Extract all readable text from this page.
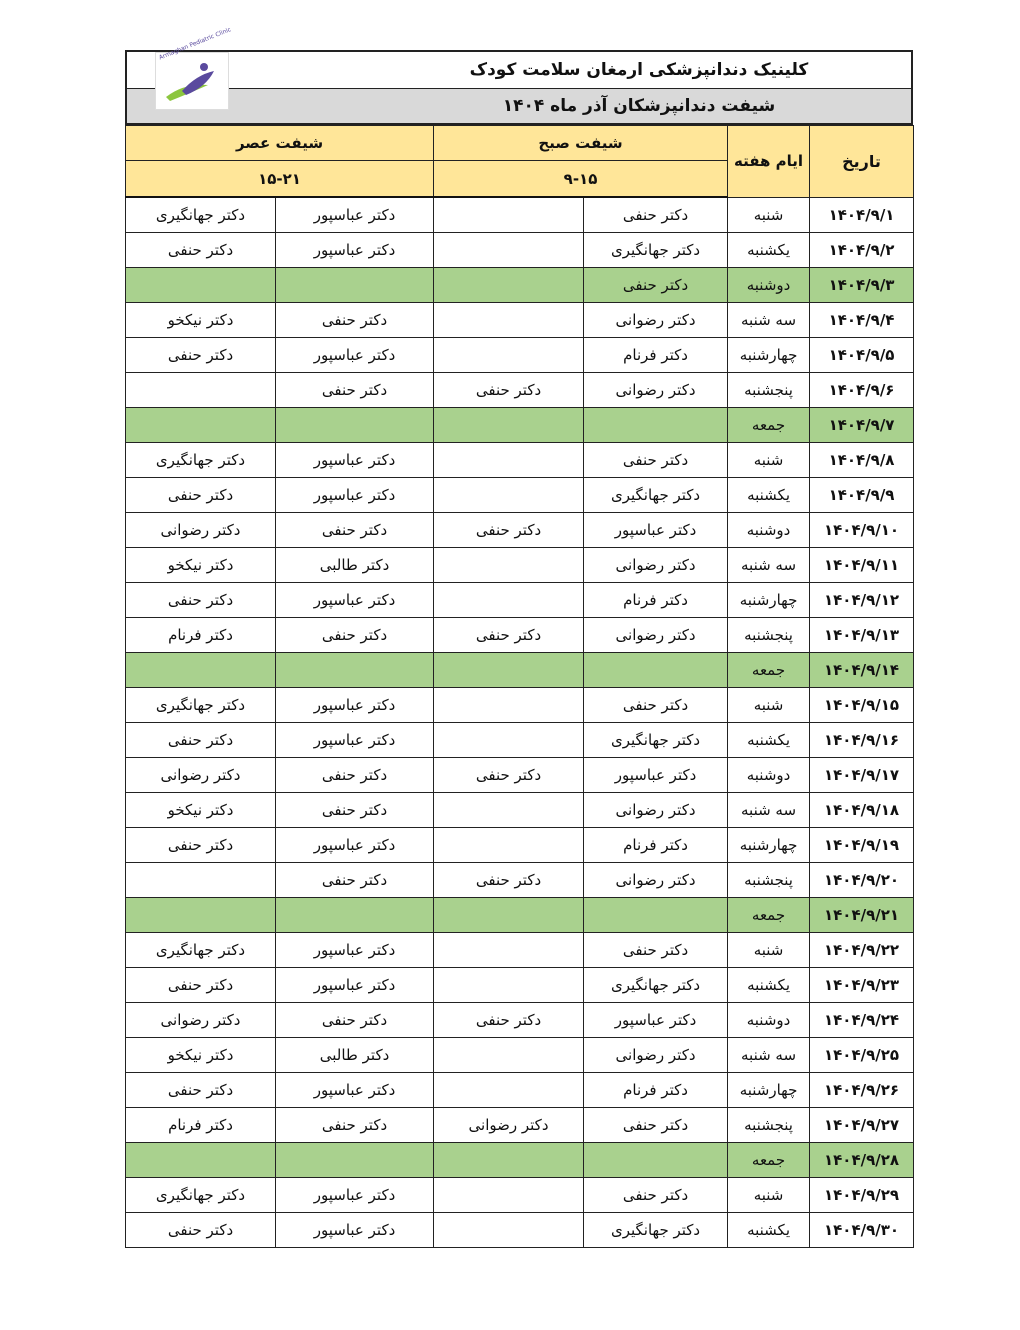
Armaghan Pediatric Clinic
کلینیک دندانپزشکی ارمغان سلامت کودک
شیفت دندانپزشکان آذر ماه ۱۴۰۴
تاریخ	ایام هفته	شیفت صبح		شیفت عصر	
		۹-۱۵		۱۵-۲۱	
۱۴۰۴/۹/۱	شنبه	دکتر حنفی		دکتر عباسپور	دکتر جهانگیری
۱۴۰۴/۹/۲	یکشنبه	دکتر جهانگیری		دکتر عباسپور	دکتر حنفی
۱۴۰۴/۹/۳	دوشنبه	دکتر حنفی			
۱۴۰۴/۹/۴	سه شنبه	دکتر رضوانی		دکتر حنفی	دکتر نیکخو
۱۴۰۴/۹/۵	چهارشنبه	دکتر فرنام		دکتر عباسپور	دکتر حنفی
۱۴۰۴/۹/۶	پنجشنبه	دکتر رضوانی	دکتر حنفی	دکتر حنفی	
۱۴۰۴/۹/۷	جمعه				
۱۴۰۴/۹/۸	شنبه	دکتر حنفی		دکتر عباسپور	دکتر جهانگیری
۱۴۰۴/۹/۹	یکشنبه	دکتر جهانگیری		دکتر عباسپور	دکتر حنفی
۱۴۰۴/۹/۱۰	دوشنبه	دکتر عباسپور	دکتر حنفی	دکتر حنفی	دکتر رضوانی
۱۴۰۴/۹/۱۱	سه شنبه	دکتر رضوانی		دکتر طالبی	دکتر نیکخو
۱۴۰۴/۹/۱۲	چهارشنبه	دکتر فرنام		دکتر عباسپور	دکتر حنفی
۱۴۰۴/۹/۱۳	پنجشنبه	دکتر رضوانی	دکتر حنفی	دکتر حنفی	دکتر فرنام
۱۴۰۴/۹/۱۴	جمعه				
۱۴۰۴/۹/۱۵	شنبه	دکتر حنفی		دکتر عباسپور	دکتر جهانگیری
۱۴۰۴/۹/۱۶	یکشنبه	دکتر جهانگیری		دکتر عباسپور	دکتر حنفی
۱۴۰۴/۹/۱۷	دوشنبه	دکتر عباسپور	دکتر حنفی	دکتر حنفی	دکتر رضوانی
۱۴۰۴/۹/۱۸	سه شنبه	دکتر رضوانی		دکتر حنفی	دکتر نیکخو
۱۴۰۴/۹/۱۹	چهارشنبه	دکتر فرنام		دکتر عباسپور	دکتر حنفی
۱۴۰۴/۹/۲۰	پنجشنبه	دکتر رضوانی	دکتر حنفی	دکتر حنفی	
۱۴۰۴/۹/۲۱	جمعه				
۱۴۰۴/۹/۲۲	شنبه	دکتر حنفی		دکتر عباسپور	دکتر جهانگیری
۱۴۰۴/۹/۲۳	یکشنبه	دکتر جهانگیری		دکتر عباسپور	دکتر حنفی
۱۴۰۴/۹/۲۴	دوشنبه	دکتر عباسپور	دکتر حنفی	دکتر حنفی	دکتر رضوانی
۱۴۰۴/۹/۲۵	سه شنبه	دکتر رضوانی		دکتر طالبی	دکتر نیکخو
۱۴۰۴/۹/۲۶	چهارشنبه	دکتر فرنام		دکتر عباسپور	دکتر حنفی
۱۴۰۴/۹/۲۷	پنجشنبه	دکتر حنفی	دکتر رضوانی	دکتر حنفی	دکتر فرنام
۱۴۰۴/۹/۲۸	جمعه				
۱۴۰۴/۹/۲۹	شنبه	دکتر حنفی		دکتر عباسپور	دکتر جهانگیری
۱۴۰۴/۹/۳۰	یکشنبه	دکتر جهانگیری		دکتر عباسپور	دکتر حنفی
